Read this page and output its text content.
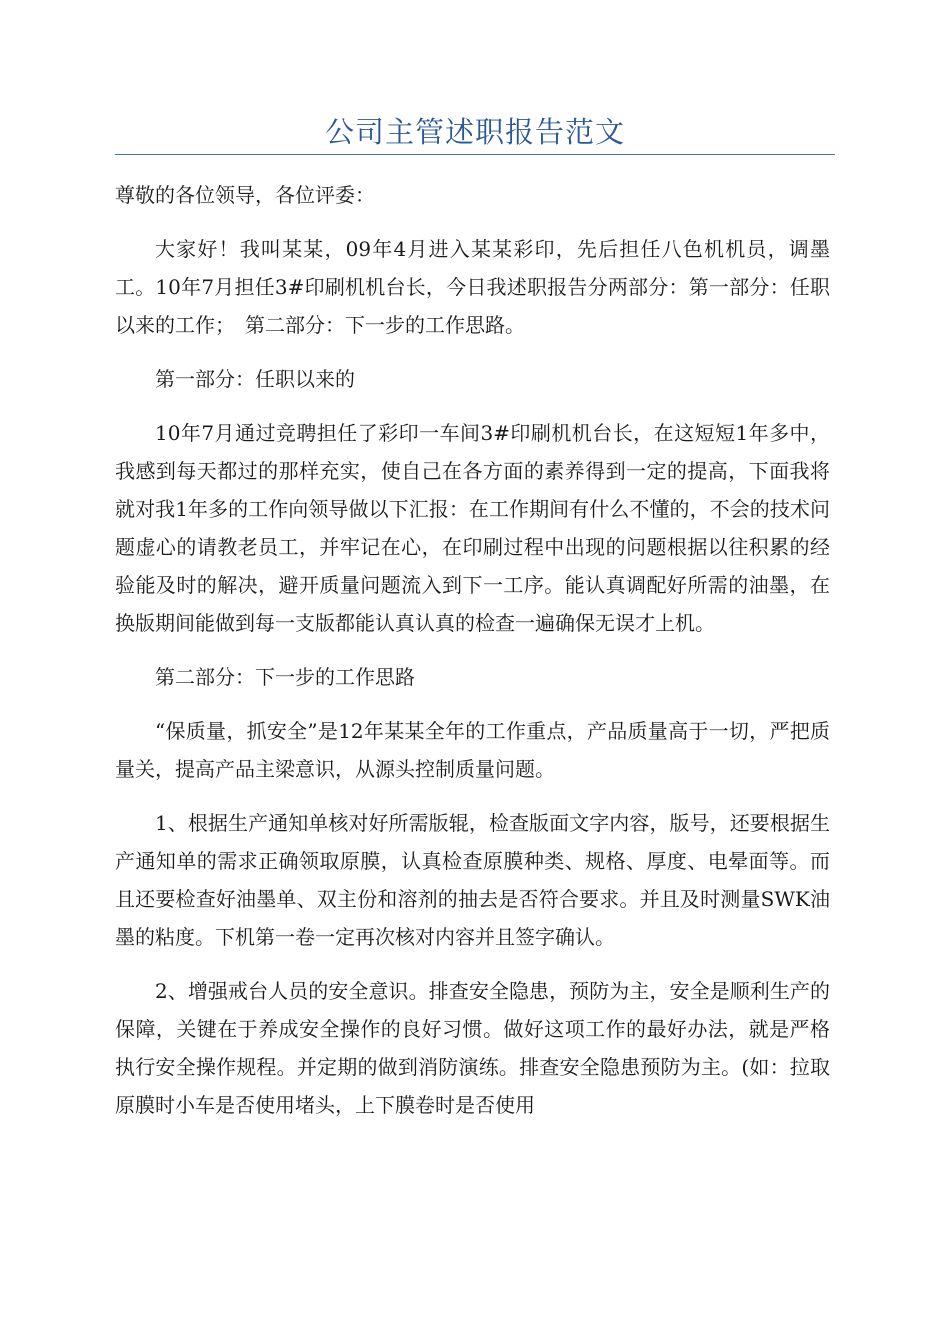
公司主管述职报告范文

尊敬的各位领导，各位评委：

大家好！我叫某某，09年4月进入某某彩印，先后担任八色机机员，调墨工。10年7月担任3#印刷机机台长，今日我述职报告分两部分：第一部分：任职以来的工作；　第二部分：下一步的工作思路。

第一部分：任职以来的

10年7月通过竞聘担任了彩印一车间3#印刷机机台长，在这短短1年多中，我感到每天都过的那样充实，使自己在各方面的素养得到一定的提高，下面我将就对我1年多的工作向领导做以下汇报：在工作期间有什么不懂的，不会的技术问题虚心的请教老员工，并牢记在心，在印刷过程中出现的问题根据以往积累的经验能及时的解决，避开质量问题流入到下一工序。能认真调配好所需的油墨，在换版期间能做到每一支版都能认真认真的检查一遍确保无误才上机。

第二部分：下一步的工作思路

“保质量，抓安全”是12年某某全年的工作重点，产品质量高于一切，严把质量关，提高产品主梁意识，从源头控制质量问题。

1、根据生产通知单核对好所需版辊，检查版面文字内容，版号，还要根据生产通知单的需求正确领取原膜，认真检查原膜种类、规格、厚度、电晕面等。而且还要检查好油墨单、双主份和溶剂的抽去是否符合要求。并且及时测量SWK油墨的粘度。下机第一卷一定再次核对内容并且签字确认。

2、增强戒台人员的安全意识。排查安全隐患，预防为主，安全是顺利生产的保障，关键在于养成安全操作的良好习惯。做好这项工作的最好办法，就是严格执行安全操作规程。并定期的做到消防演练。排查安全隐患预防为主。(如：拉取原膜时小车是否使用堵头，上下膜卷时是否使用
